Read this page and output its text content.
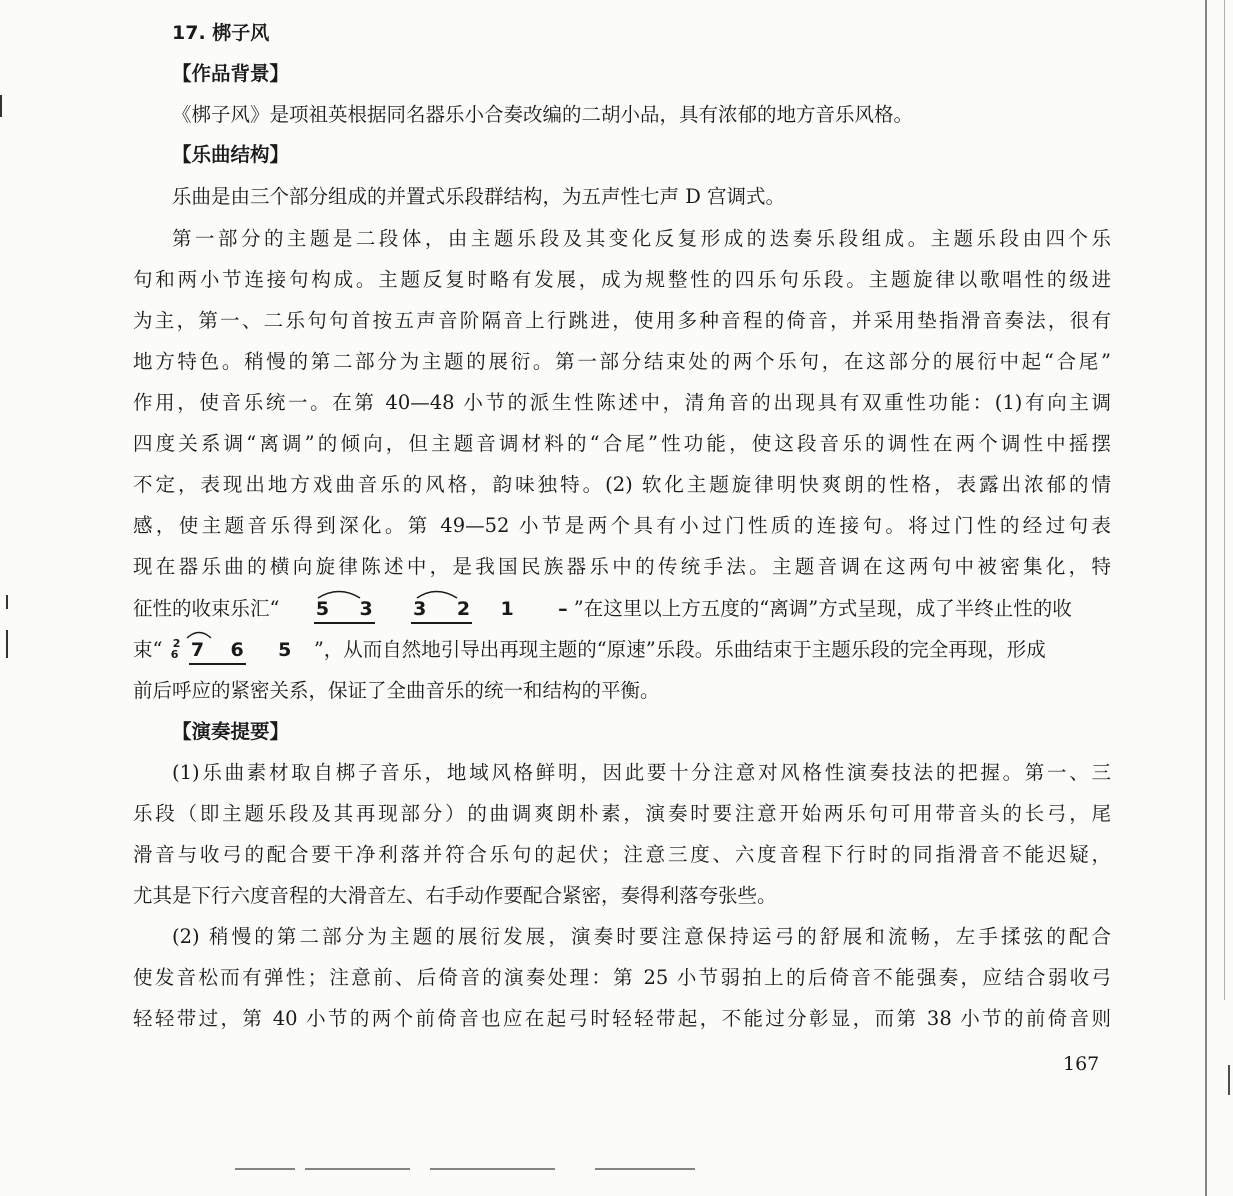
17. 梆子风
【作品背景】
《梆子风》是项祖英根据同名器乐小合奏改编的二胡小品，具有浓郁的地方音乐风格。
【乐曲结构】
乐曲是由三个部分组成的并置式乐段群结构，为五声性七声 D 宫调式。
第一部分的主题是二段体，由主题乐段及其变化反复形成的迭奏乐段组成。主题乐段由四个乐
句和两小节连接句构成。主题反复时略有发展，成为规整性的四乐句乐段。主题旋律以歌唱性的级进
为主，第一、二乐句句首按五声音阶隔音上行跳进，使用多种音程的倚音，并采用垫指滑音奏法，很有
地方特色。稍慢的第二部分为主题的展衍。第一部分结束处的两个乐句，在这部分的展衍中起“合尾”
作用，使音乐统一。在第 40—48 小节的派生性陈述中，清角音的出现具有双重性功能：(1)有向主调
四度关系调“离调”的倾向，但主题音调材料的“合尾”性功能，使这段音乐的调性在两个调性中摇摆
不定，表现出地方戏曲音乐的风格，韵味独特。(2) 软化主题旋律明快爽朗的性格，表露出浓郁的情
感，使主题音乐得到深化。第 49—52 小节是两个具有小过门性质的连接句。将过门性的经过句表
现在器乐曲的横向旋律陈述中，是我国民族器乐中的传统手法。主题音调在这两句中被密集化，特
征性的收束乐汇“ 5 3
3 2 1 – ”在这里以上方五度的“离调”方式呈现，成了半终止性的收
束“ 2
6
7 6 5 ”，从而自然地引导出再现主题的“原速”乐段。乐曲结束于主题乐段的完全再现，形成
前后呼应的紧密关系，保证了全曲音乐的统一和结构的平衡。
【演奏提要】
(1)乐曲素材取自梆子音乐，地域风格鲜明，因此要十分注意对风格性演奏技法的把握。第一、三
乐段（即主题乐段及其再现部分）的曲调爽朗朴素，演奏时要注意开始两乐句可用带音头的长弓，尾
滑音与收弓的配合要干净利落并符合乐句的起伏；注意三度、六度音程下行时的同指滑音不能迟疑，
尤其是下行六度音程的大滑音左、右手动作要配合紧密，奏得利落夸张些。
(2) 稍慢的第二部分为主题的展衍发展，演奏时要注意保持运弓的舒展和流畅，左手揉弦的配合
使发音松而有弹性；注意前、后倚音的演奏处理：第 25 小节弱拍上的后倚音不能强奏，应结合弱收弓
轻轻带过，第 40 小节的两个前倚音也应在起弓时轻轻带起，不能过分彰显，而第 38 小节的前倚音则
167
